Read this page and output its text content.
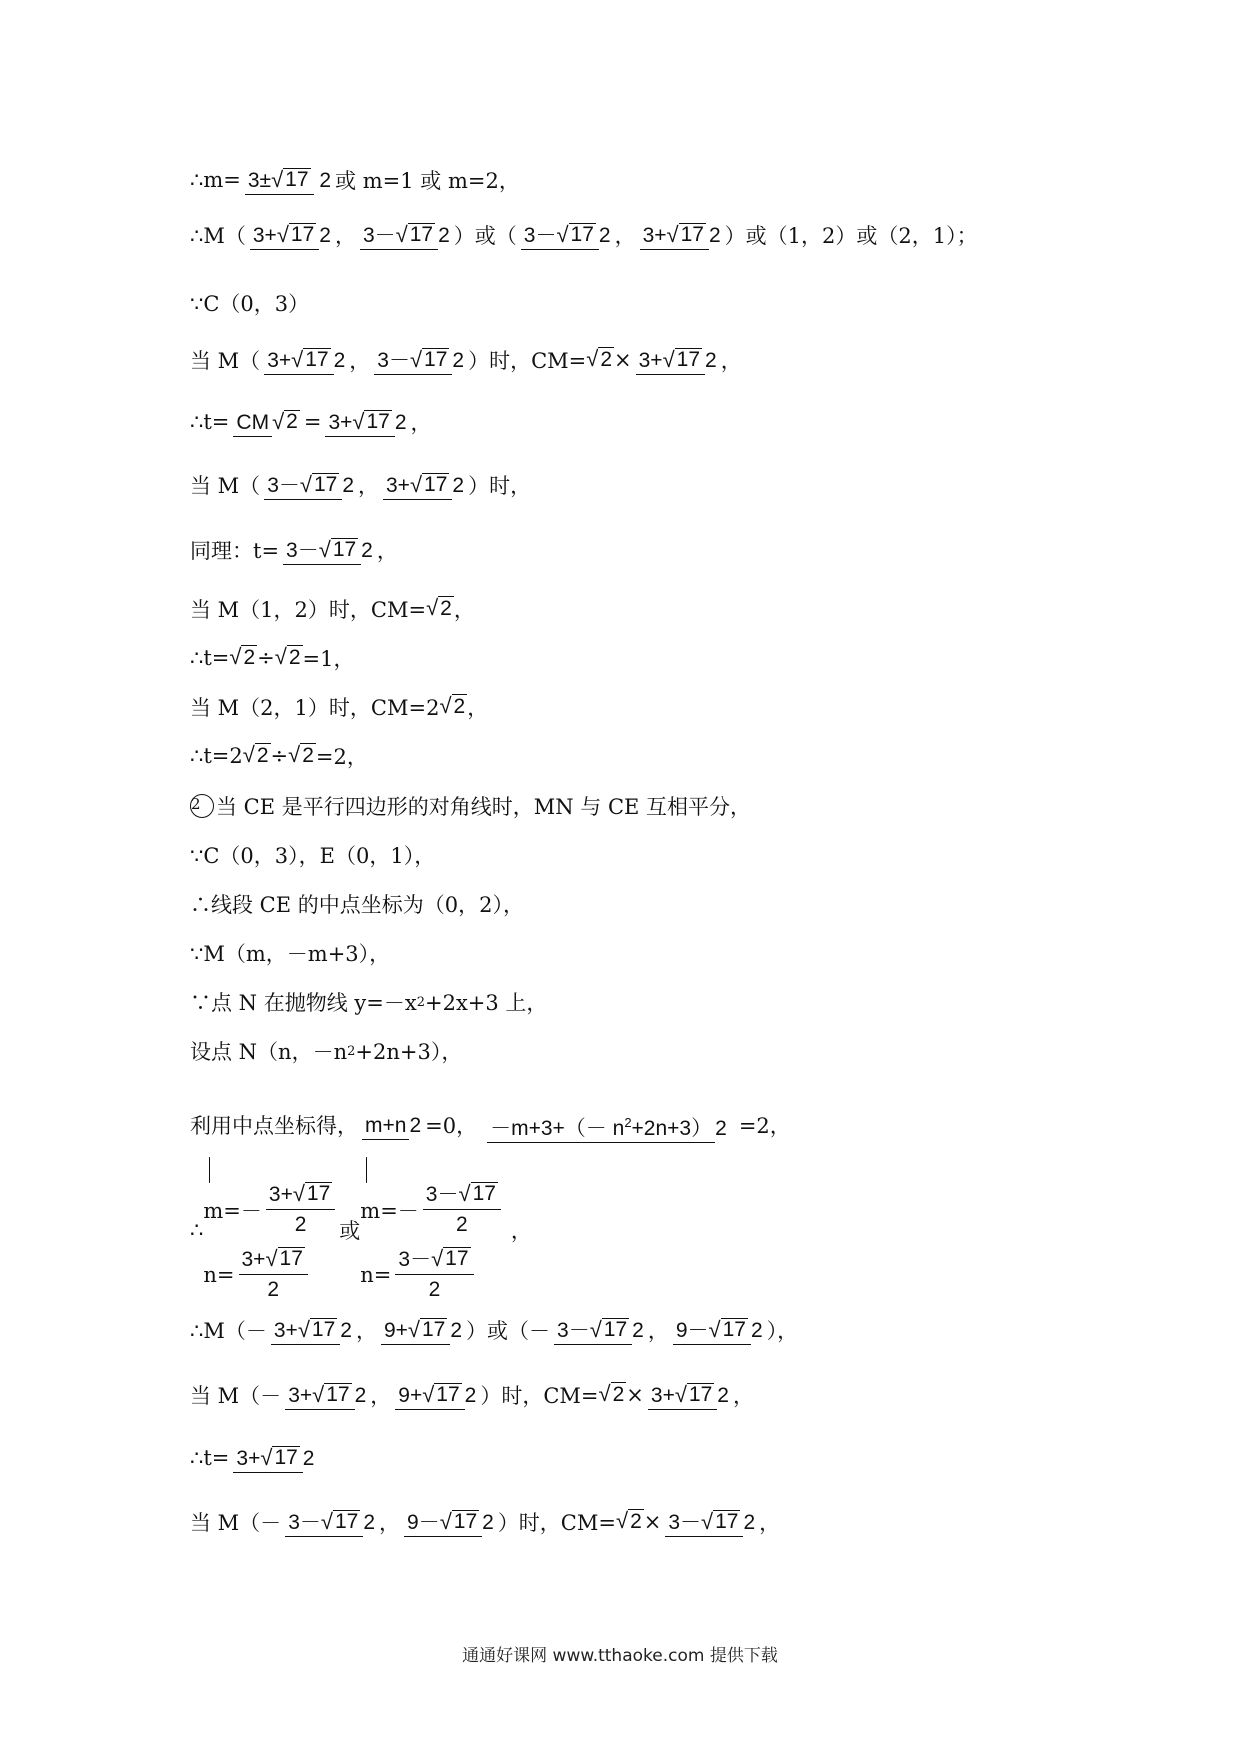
∴m= 3± √ 17 2 或 m=1 或 m=2，
∴M（ 3+ √ 17 2 ， 3－ √ 17 2 ）或（ 3－ √ 17 2 ， 3+ √ 17 2 ）或（1，2）或（2，1）；
∵C（0，3）
当 M（ 3+ √ 17 2 ， 3－ √ 17 2 ）时，CM= √2 × 3+ √ 17 2 ，
∴t= CM √ 2 = 3+ √ 17 2 ，
当 M（ 3－ √ 17 2 ， 3+ √ 17 2 ）时，
同理：t= 3－ √ 17 2 ，
当 M（1，2）时，CM= √2 ，
∴t= √2 ÷ √2 =1，
当 M（2，1）时，CM=2 √2 ，
∴t=2 √2 ÷ √2 =2，
2 当 CE 是平行四边形的对角线时，MN 与 CE 互相平分，
∵C（0，3），E（0，1），
∴线段 CE 的中点坐标为（0，2），
∵M（m，－m+3），
∵点 N 在抛物线 y=－x 2 +2x+3 上，
设点 N（n，－n 2 +2n+3），
利用中点坐标得， m+n 2 =0， $-m+3+(- n^2+2n+3)$ 2 =2，
∴
$m=- \frac{3+ √ 17}{2}$
$n= \frac{3+ √ 17}{2}$
或
$m=- \frac{3- √ 17}{2}$
$n= \frac{3- √ 17}{2}$
，
∴M（－ 3+ √ 17 2 ， 9+ √ 17 2 ）或（－ 3－ √ 17 2 ， 9－ √ 17 2 ），
当 M（－ 3+ √ 17 2 ， 9+ √ 17 2 ）时，CM= √2 × 3+ √ 17 2 ，
∴t= 3+ √ 17 2
当 M（－ 3－ √ 17 2 ， 9－ √ 17 2 ）时，CM= √2 × 3－ √ 17 2 ，
通通好课网 www.tthaoke.com 提供下载
